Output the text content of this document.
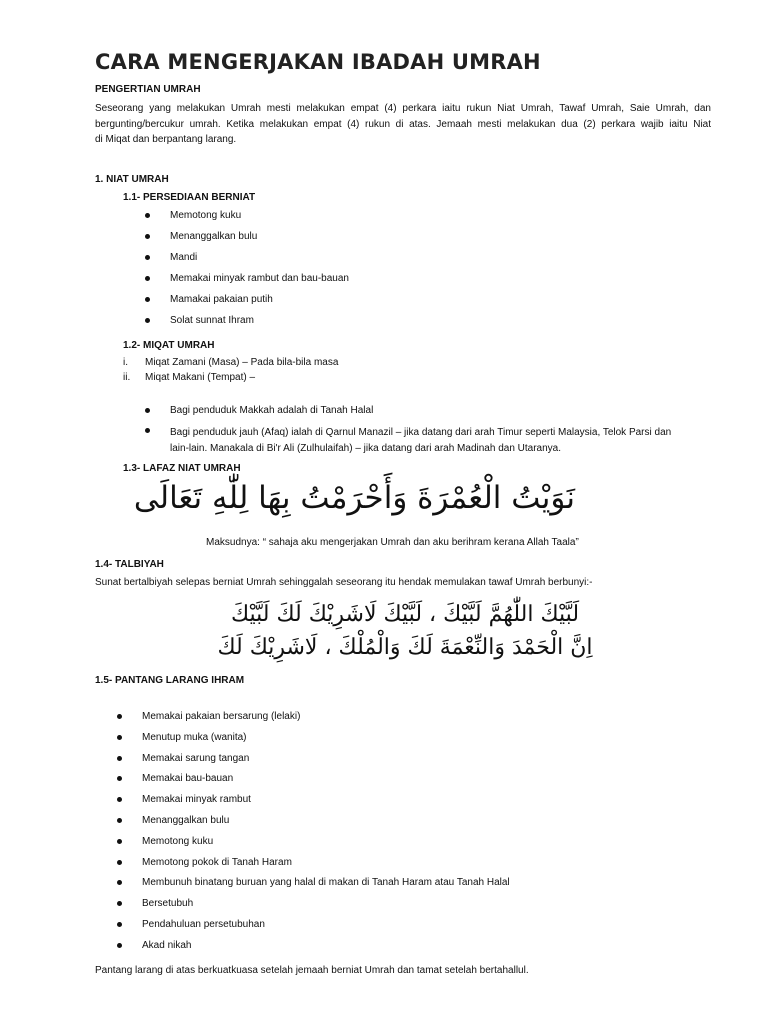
CARA MENGERJAKAN IBADAH UMRAH
PENGERTIAN UMRAH
Seseorang yang melakukan Umrah mesti melakukan empat (4) perkara iaitu rukun Niat Umrah, Tawaf Umrah, Saie Umrah, dan
bergunting/bercukur umrah. Ketika melakukan empat (4) rukun di atas. Jemaah mesti melakukan dua (2) perkara wajib iaitu Niat
di Miqat dan berpantang larang.
1. NIAT UMRAH
1.1- PERSEDIAAN BERNIAT
Memotong kuku
Menanggalkan bulu
Mandi
Memakai minyak rambut dan bau-bauan
Mamakai pakaian putih
Solat sunnat Ihram
1.2- MIQAT UMRAH
i. Miqat Zamani (Masa) – Pada bila-bila masa
ii. Miqat Makani (Tempat) –
Bagi penduduk Makkah adalah di Tanah Halal
Bagi penduduk jauh (Afaq) ialah di Qarnul Manazil – jika datang dari arah Timur seperti Malaysia, Telok Parsi dan
lain-lain. Manakala di Bi'r Ali (Zulhulaifah) – jika datang dari arah Madinah dan Utaranya.
1.3- LAFAZ NIAT UMRAH
نَوَيْتُ الْعُمْرَةَ وَأَحْرَمْتُ بِهَا لِلّٰهِ تَعَالَى
Maksudnya: “ sahaja aku mengerjakan Umrah dan aku berihram kerana Allah Taala”
1.4- TALBIYAH
Sunat bertalbiyah selepas berniat Umrah sehinggalah seseorang itu hendak memulakan tawaf Umrah berbunyi:-
لَبَّيْكَ اللّٰهُمَّ لَبَّيْكَ ، لَبَّيْكَ لَاشَرِيْكَ لَكَ لَبَّيْكَ
اِنَّ الْحَمْدَ وَالنِّعْمَةَ لَكَ وَالْمُلْكَ ، لَاشَرِيْكَ لَكَ
1.5- PANTANG LARANG IHRAM
Memakai pakaian bersarung (lelaki)
Menutup muka (wanita)
Memakai sarung tangan
Memakai bau-bauan
Memakai minyak rambut
Menanggalkan bulu
Memotong kuku
Memotong pokok di Tanah Haram
Membunuh binatang buruan yang halal di makan di Tanah Haram atau Tanah Halal
Bersetubuh
Pendahuluan persetubuhan
Akad nikah
Pantang larang di atas berkuatkuasa setelah jemaah berniat Umrah dan tamat setelah bertahallul.
